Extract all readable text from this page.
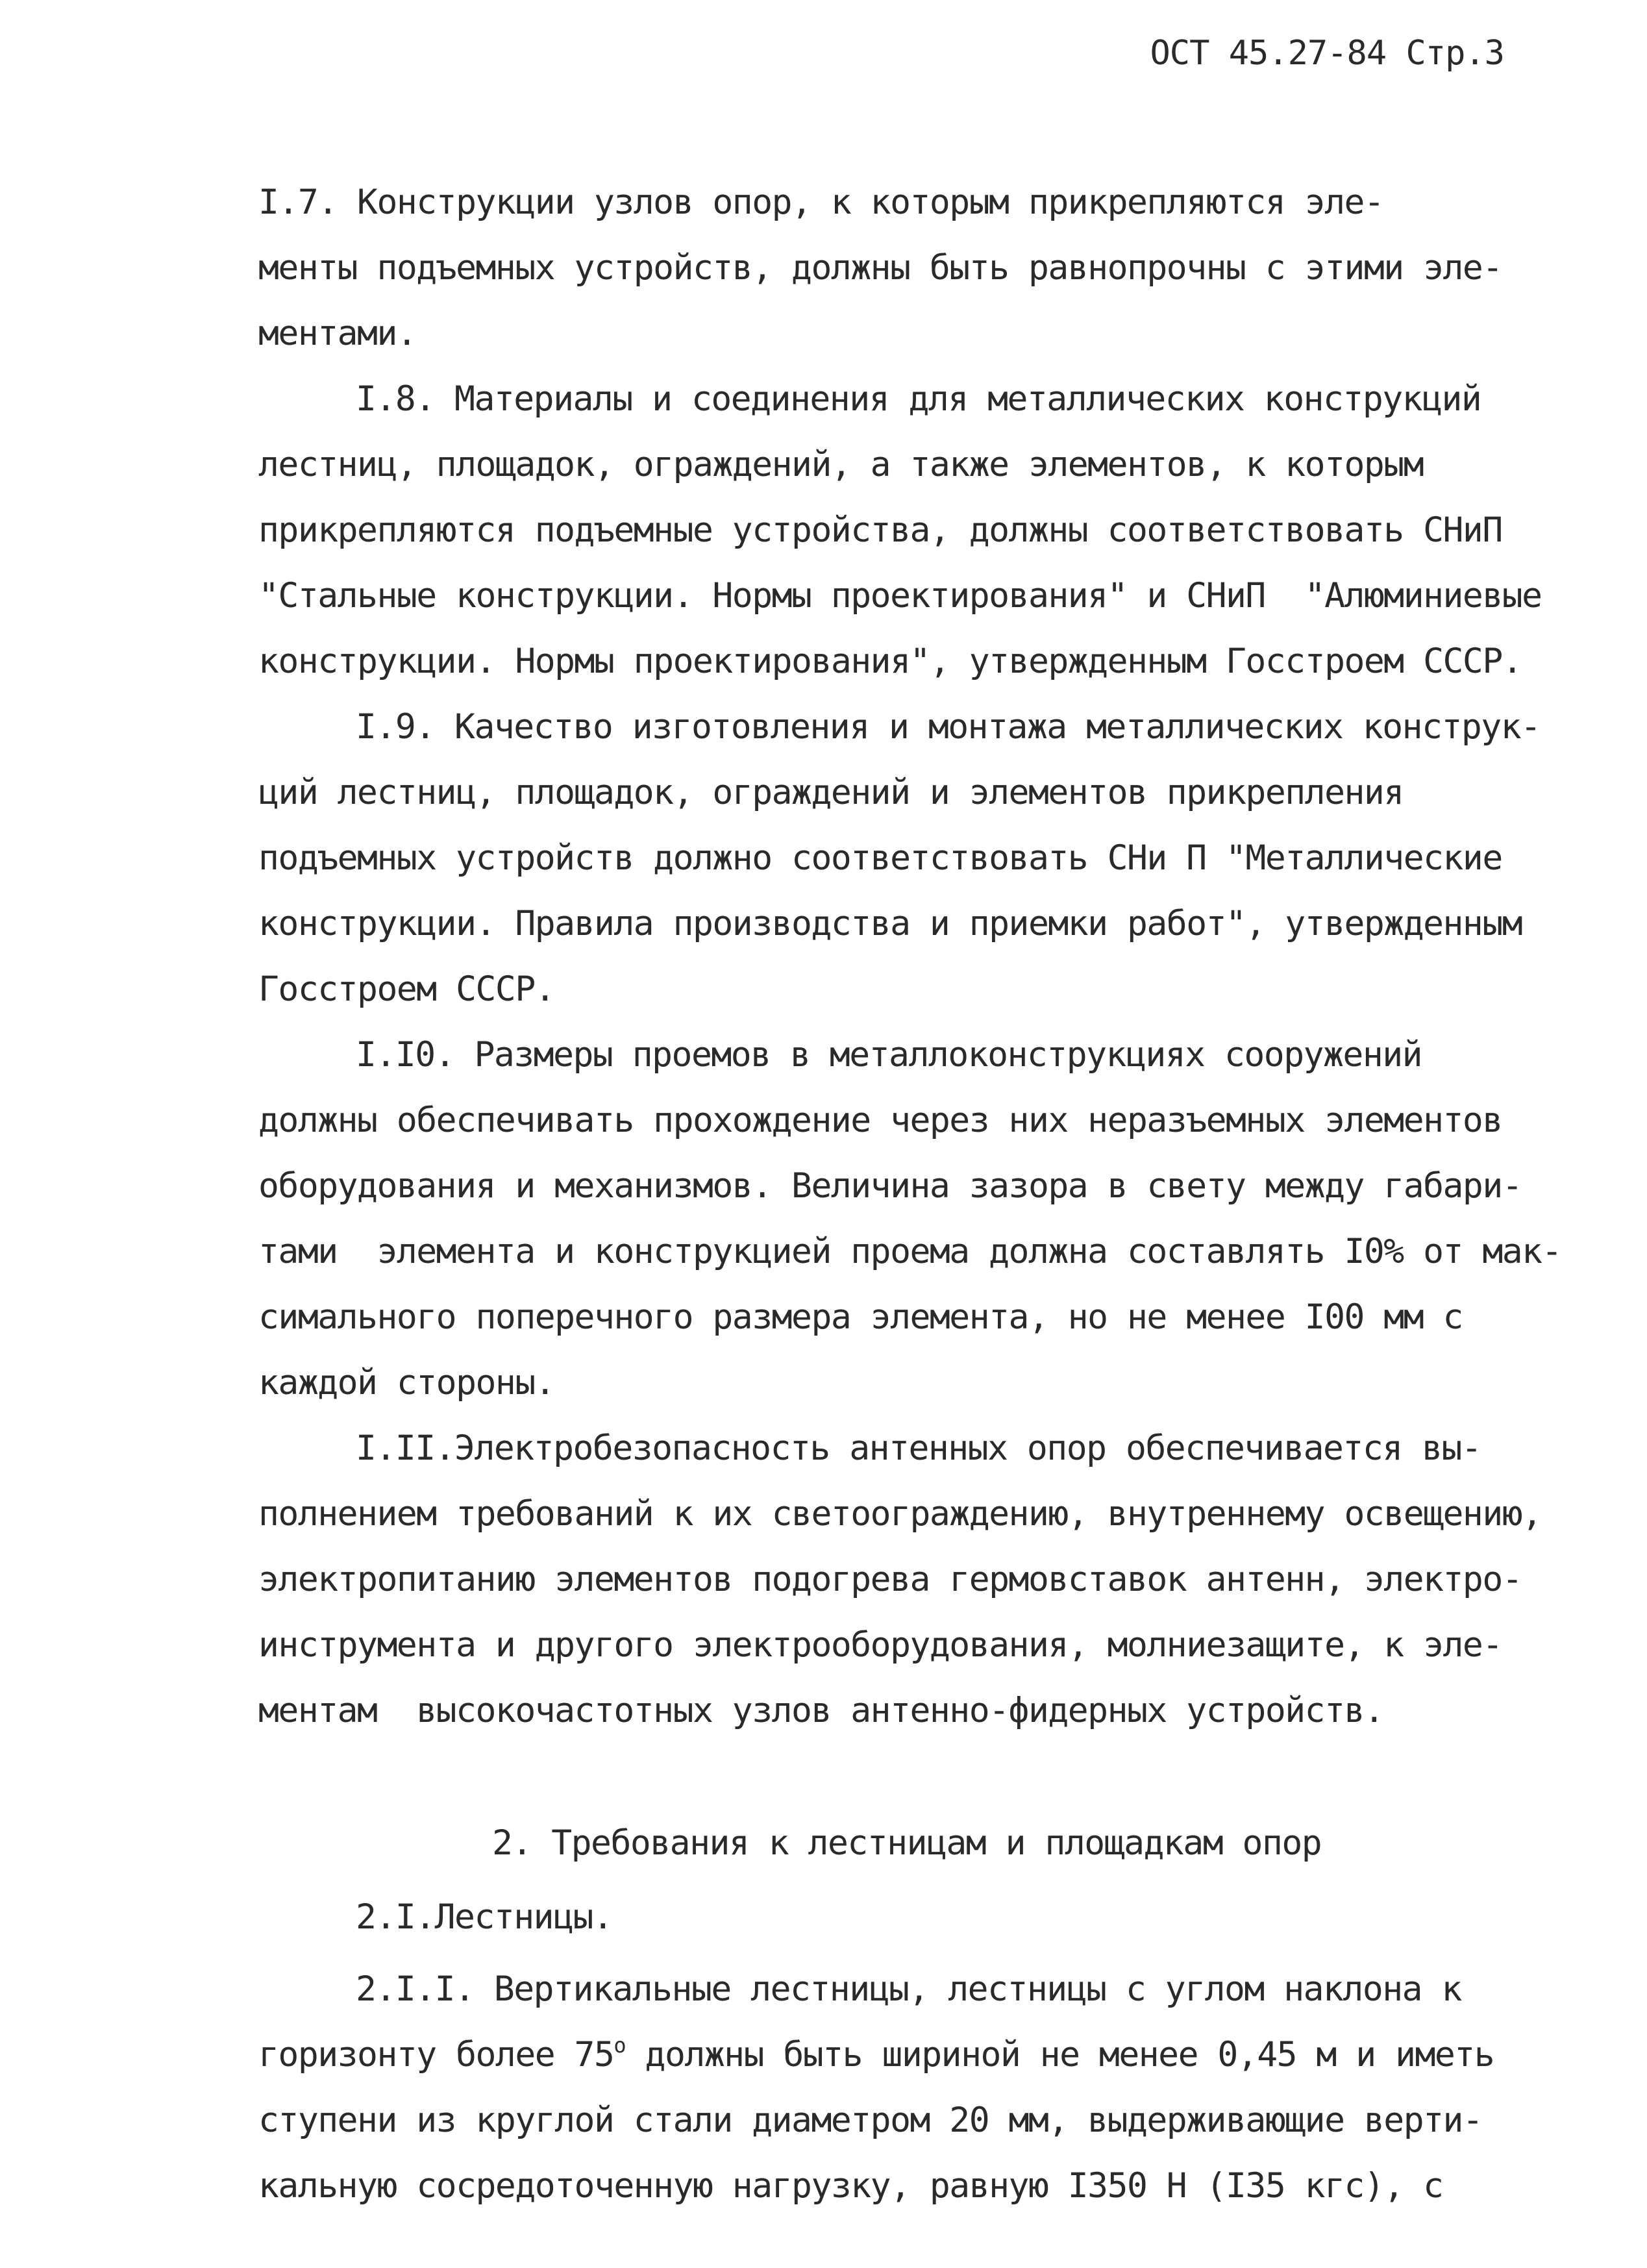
ОСТ 45.27-84 Стр.3
I.7. Конструкции узлов опор, к которым прикрепляются эле-
менты подъемных устройств, должны быть равнопрочны с этими эле-
ментами.
I.8. Материалы и соединения для металлических конструкций
лестниц, площадок, ограждений, а также элементов, к которым
прикрепляются подъемные устройства, должны соответствовать СНиП
"Стальные конструкции. Нормы проектирования" и СНиП  "Алюминиевые
конструкции. Нормы проектирования", утвержденным Госстроем СССР.
I.9. Качество изготовления и монтажа металлических конструк-
ций лестниц, площадок, ограждений и элементов прикрепления
подъемных устройств должно соответствовать СНи П "Металлические
конструкции. Правила производства и приемки работ", утвержденным
Госстроем СССР.
I.I0. Размеры проемов в металлоконструкциях сооружений
должны обеспечивать прохождение через них неразъемных элементов
оборудования и механизмов. Величина зазора в свету между габари-
тами  элемента и конструкцией проема должна составлять I0% от мак-
симального поперечного размера элемента, но не менее I00 мм с
каждой стороны.
I.II.Электробезопасность антенных опор обеспечивается вы-
полнением требований к их светоограждению, внутреннему освещению,
электропитанию элементов подогрева гермовставок антенн, электро-
инструмента и другого электрооборудования, молниезащите, к эле-
ментам  высокочастотных узлов антенно-фидерных устройств.
2. Требования к лестницам и площадкам опор
2.I.Лестницы.
2.I.I. Вертикальные лестницы, лестницы с углом наклона к
горизонту более $75^о$ должны быть шириной не менее 0,45 м и иметь
ступени из круглой стали диаметром 20 мм, выдерживающие верти-
кальную сосредоточенную нагрузку, равную I350 Н (I35 кгс), с
